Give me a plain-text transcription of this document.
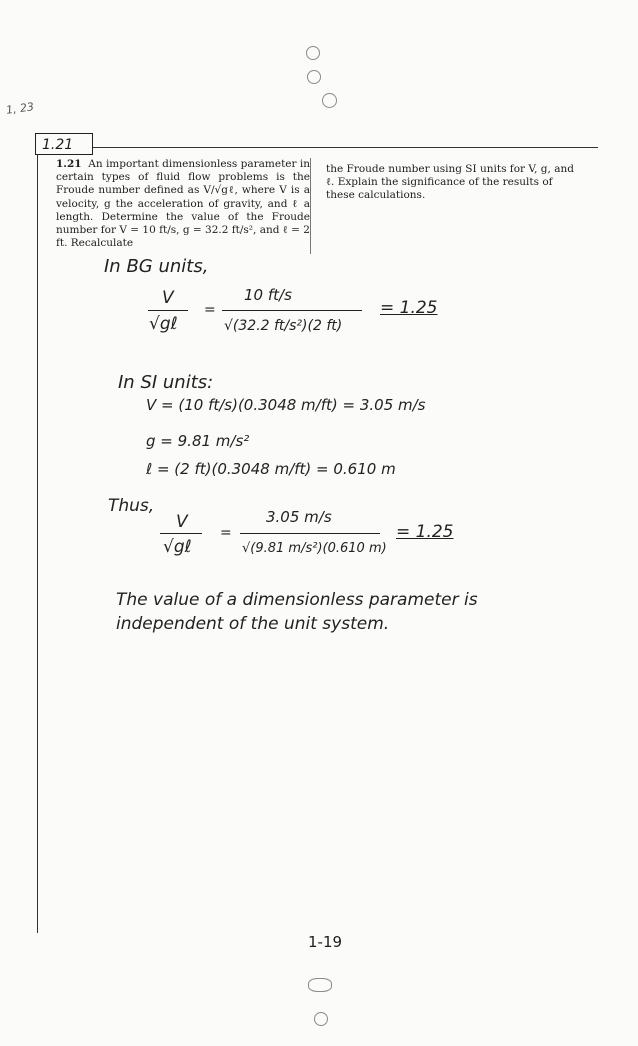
1, 23
1.21
1.21 An important dimensionless parameter in certain types of fluid flow problems is the Froude number defined as V/√gℓ, where V is a velocity, g the acceleration of gravity, and ℓ a length. Determine the value of the Froude number for V = 10 ft/s, g = 32.2 ft/s², and ℓ = 2 ft. Recalculate
the Froude number using SI units for V, g, and ℓ. Explain the significance of the results of these calculations.
In BG units,
V
√gℓ
=
10 ft/s
√(32.2 ft/s²)(2 ft)
= 1.25
In SI units:
V = (10 ft/s)(0.3048 m/ft) = 3.05 m/s
g = 9.81 m/s²
ℓ = (2 ft)(0.3048 m/ft) = 0.610 m
Thus,
V
√gℓ
=
3.05 m/s
√(9.81 m/s²)(0.610 m)
= 1.25
The value of a dimensionless parameter is
independent of the unit system.
1-19
